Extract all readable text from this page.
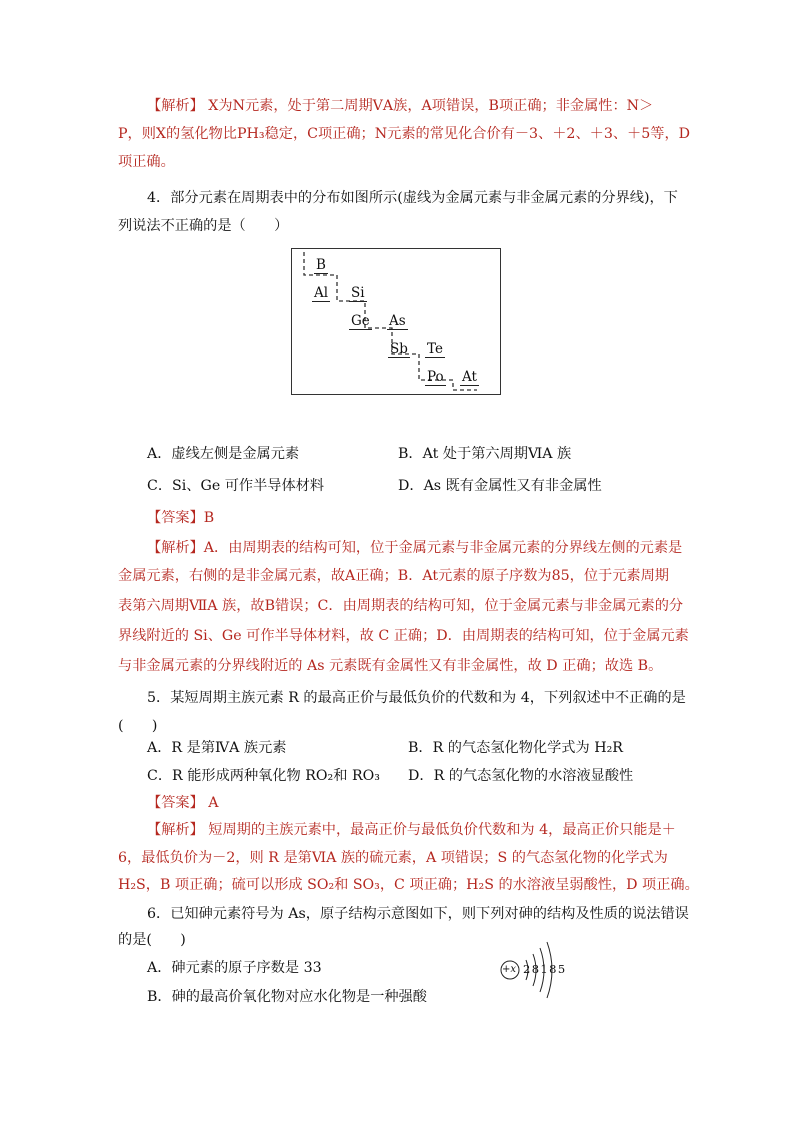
【解析】 X为N元素，处于第二周期ⅤA族，A项错误，B项正确；非金属性：N＞
P，则X的氢化物比PH₃稳定，C项正确；N元素的常见化合价有－3、＋2、＋3、＋5等，D
项正确。
4．部分元素在周期表中的分布如图所示(虚线为金属元素与非金属元素的分界线)，下
列说法不正确的是（　　）
B
Al Si
Ge As
Sb Te
Po At
A．虚线左侧是金属元素	B．At 处于第六周期ⅥA 族
C．Si、Ge 可作半导体材料	D．As 既有金属性又有非金属性
【答案】B
【解析】A．由周期表的结构可知，位于金属元素与非金属元素的分界线左侧的元素是
金属元素，右侧的是非金属元素，故A正确；B．At元素的原子序数为85，位于元素周期
表第六周期ⅦA 族，故B错误；C．由周期表的结构可知，位于金属元素与非金属元素的分
界线附近的 Si、Ge 可作半导体材料，故 C 正确；D．由周期表的结构可知，位于金属元素
与非金属元素的分界线附近的 As 元素既有金属性又有非金属性，故 D 正确；故选 B。
5．某短周期主族元素 R 的最高正价与最低负价的代数和为 4，下列叙述中不正确的是
(　　)
A．R 是第ⅣA 族元素	B．R 的气态氢化物化学式为 H₂R
C．R 能形成两种氧化物 RO₂和 RO₃ D．R 的气态氢化物的水溶液显酸性
【答案】 A
【解析】 短周期的主族元素中，最高正价与最低负价代数和为 4，最高正价只能是＋
6，最低负价为－2，则 R 是第ⅥA 族的硫元素，A 项错误；S 的气态氢化物的化学式为
H₂S，B 项正确；硫可以形成 SO₂和 SO₃，C 项正确；H₂S 的水溶液呈弱酸性，D 项正确。
6．已知砷元素符号为 As，原子结构示意图如下，则下列对砷的结构及性质的说法错误
的是(　　)
A．砷元素的原子序数是 33
B．砷的最高价氧化物对应水化物是一种强酸
+x 28185
